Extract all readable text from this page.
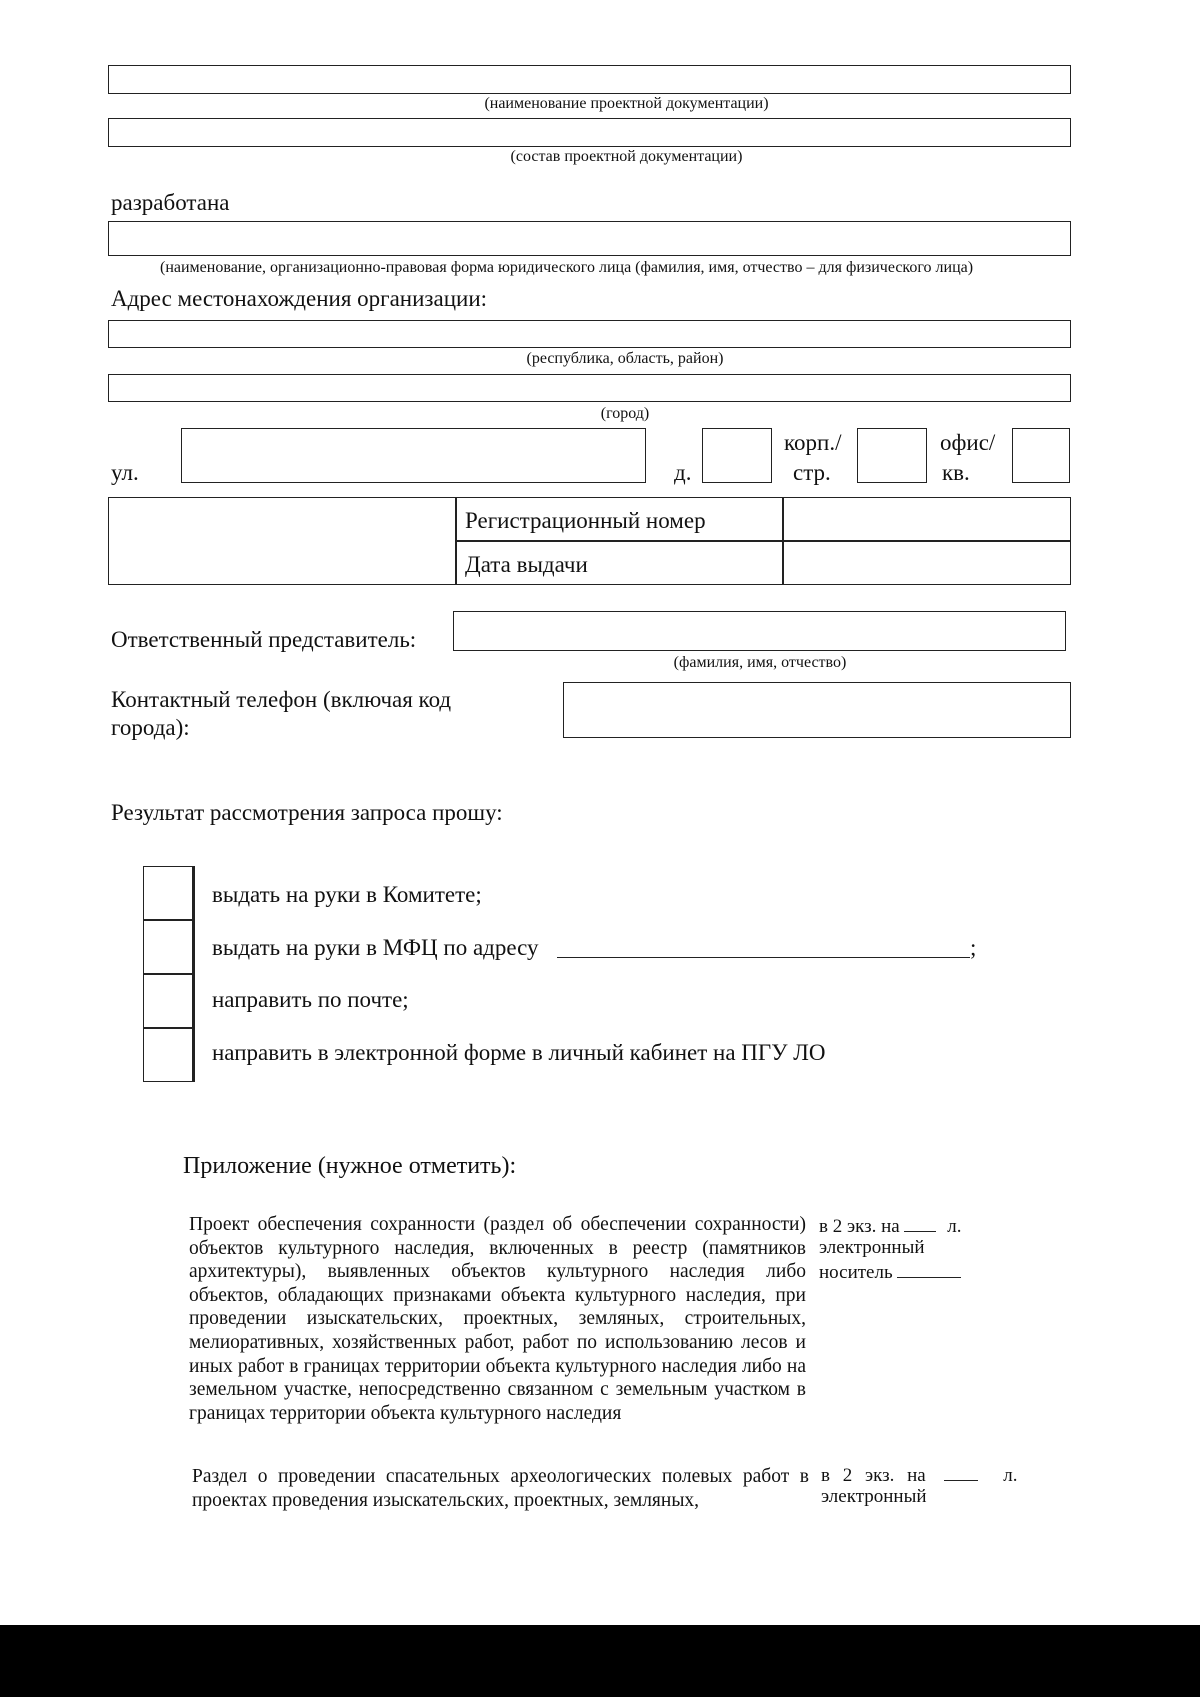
(наименование проектной документации)
(состав проектной документации)
разработана
(наименование, организационно-правовая форма юридического лица (фамилия, имя, отчество – для физического лица)
Адрес местонахождения организации:
(республика, область, район)
(город)
ул.	д.
корп./
стр.
офис/
кв.
Регистрационный номер
Дата выдачи
Ответственный представитель:
(фамилия, имя, отчество)
Контактный телефон (включая код
города):
Результат рассмотрения запроса прошу:
выдать на руки в Комитете;
выдать на руки в МФЦ по адресу	;
направить по почте;
направить в электронной форме в личный кабинет на ПГУ ЛО
Приложение (нужное отметить):
Проект обеспечения сохранности (раздел об обеспечении сохранности) объектов культурного наследия, включенных в реестр (памятников архитектуры), выявленных объектов культурного наследия либо объектов, обладающих признаками объекта культурного наследия, при проведении изыскательских, проектных, земляных, строительных, мелиоративных, хозяйственных работ, работ по использованию лесов и иных работ в границах территории объекта культурного наследия либо на земельном участке, непосредственно связанном с земельным участком в границах территории объекта культурного наследия
в 2 экз. на	л.
электронный
носитель
Раздел о проведении спасательных археологических полевых работ в проектах проведения изыскательских, проектных, земляных,
в 2 экз. на	л.
электронный
